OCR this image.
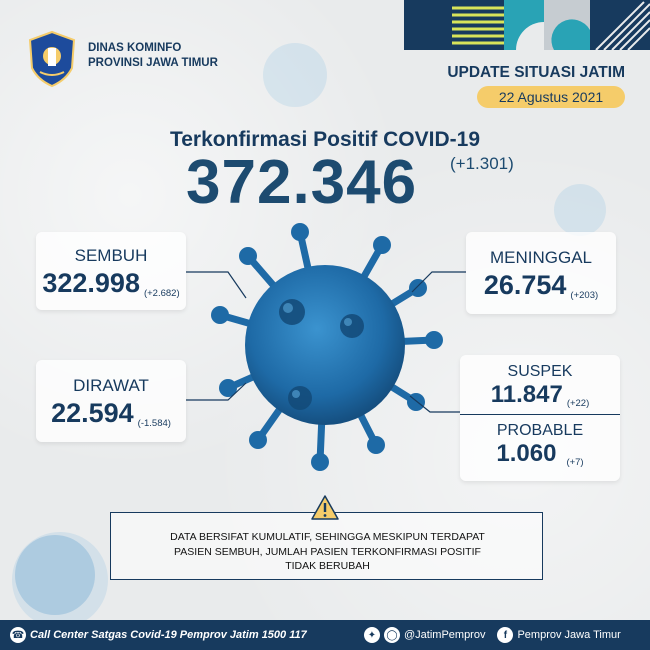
DINAS KOMINFO
PROVINSI JAWA TIMUR
UPDATE SITUASI JATIM
22 Agustus 2021
Terkonfirmasi Positif COVID-19
372.346 (+1.301)
SEMBUH
322.998 (+2.682)
DIRAWAT
22.594 (-1.584)
MENINGGAL
26.754 (+203)
SUSPEK
11.847 (+22)
PROBABLE
1.060 (+7)
DATA BERSIFAT KUMULATIF, SEHINGGA MESKIPUN TERDAPAT
PASIEN SEMBUH, JUMLAH PASIEN TERKONFIRMASI POSITIF
TIDAK BERUBAH
☎ Call Center Satgas Covid-19 Pemprov Jatim 1500 117	✦	◯ @JatimPemprov	f Pemprov Jawa Timur
